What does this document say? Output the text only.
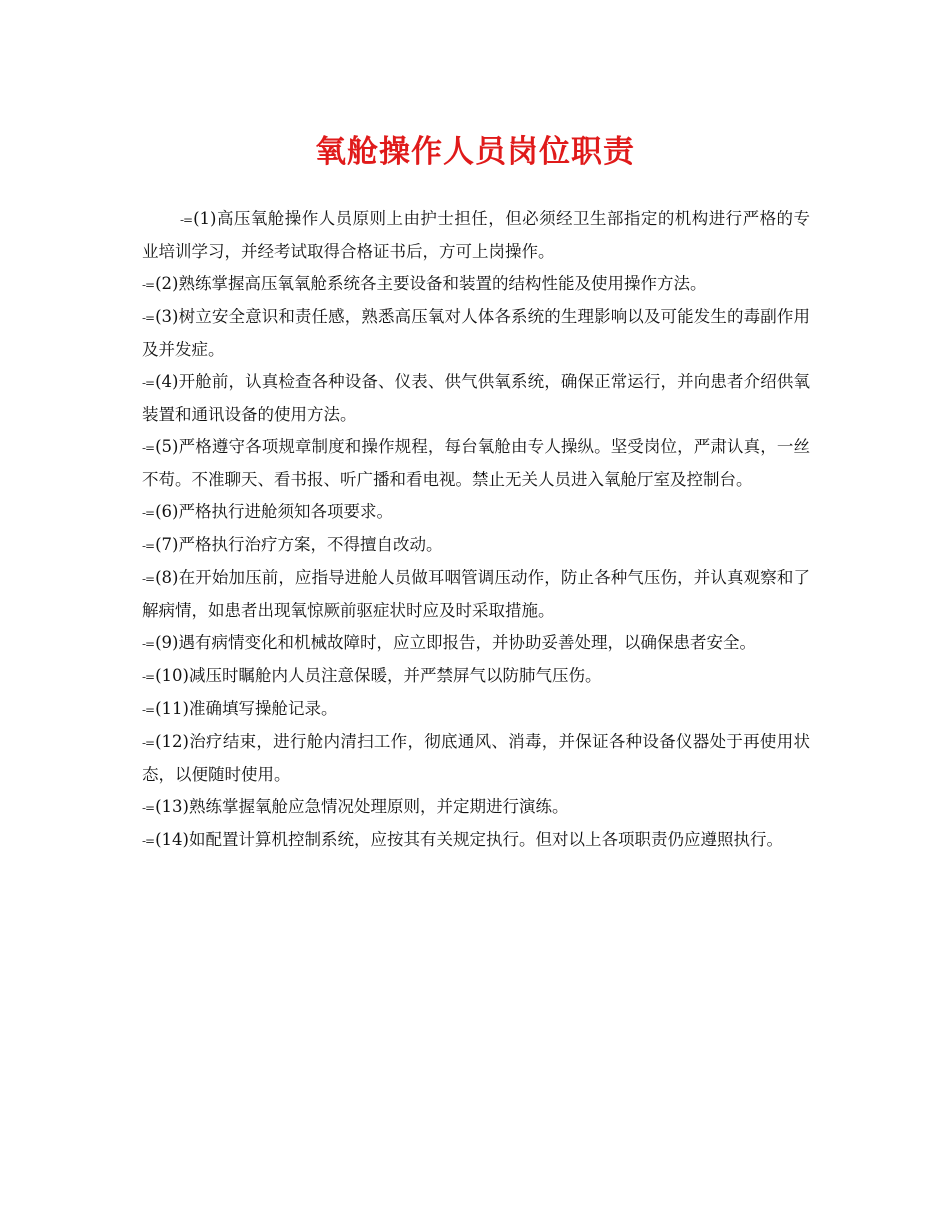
氧舱操作人员岗位职责

-=(1)高压氧舱操作人员原则上由护士担任，但必须经卫生部指定的机构进行严格的专业培训学习，并经考试取得合格证书后，方可上岗操作。

-=(2)熟练掌握高压氧氧舱系统各主要设备和装置的结构性能及使用操作方法。

-=(3)树立安全意识和责任感，熟悉高压氧对人体各系统的生理影响以及可能发生的毒副作用及并发症。

-=(4)开舱前，认真检查各种设备、仪表、供气供氧系统，确保正常运行，并向患者介绍供氧装置和通讯设备的使用方法。

-=(5)严格遵守各项规章制度和操作规程，每台氧舱由专人操纵。坚受岗位，严肃认真，一丝不苟。不准聊天、看书报、听广播和看电视。禁止无关人员进入氧舱厅室及控制台。

-=(6)严格执行进舱须知各项要求。

-=(7)严格执行治疗方案，不得擅自改动。

-=(8)在开始加压前，应指导进舱人员做耳咽管调压动作，防止各种气压伤，并认真观察和了解病情，如患者出现氧惊厥前驱症状时应及时采取措施。

-=(9)遇有病情变化和机械故障时，应立即报告，并协助妥善处理，以确保患者安全。

-=(10)减压时瞩舱内人员注意保暖，并严禁屏气以防肺气压伤。

-=(11)准确填写操舱记录。

-=(12)治疗结束，进行舱内清扫工作，彻底通风、消毒，并保证各种设备仪器处于再使用状态，以便随时使用。

-=(13)熟练掌握氧舱应急情况处理原则，并定期进行演练。

-=(14)如配置计算机控制系统，应按其有关规定执行。但对以上各项职责仍应遵照执行。
